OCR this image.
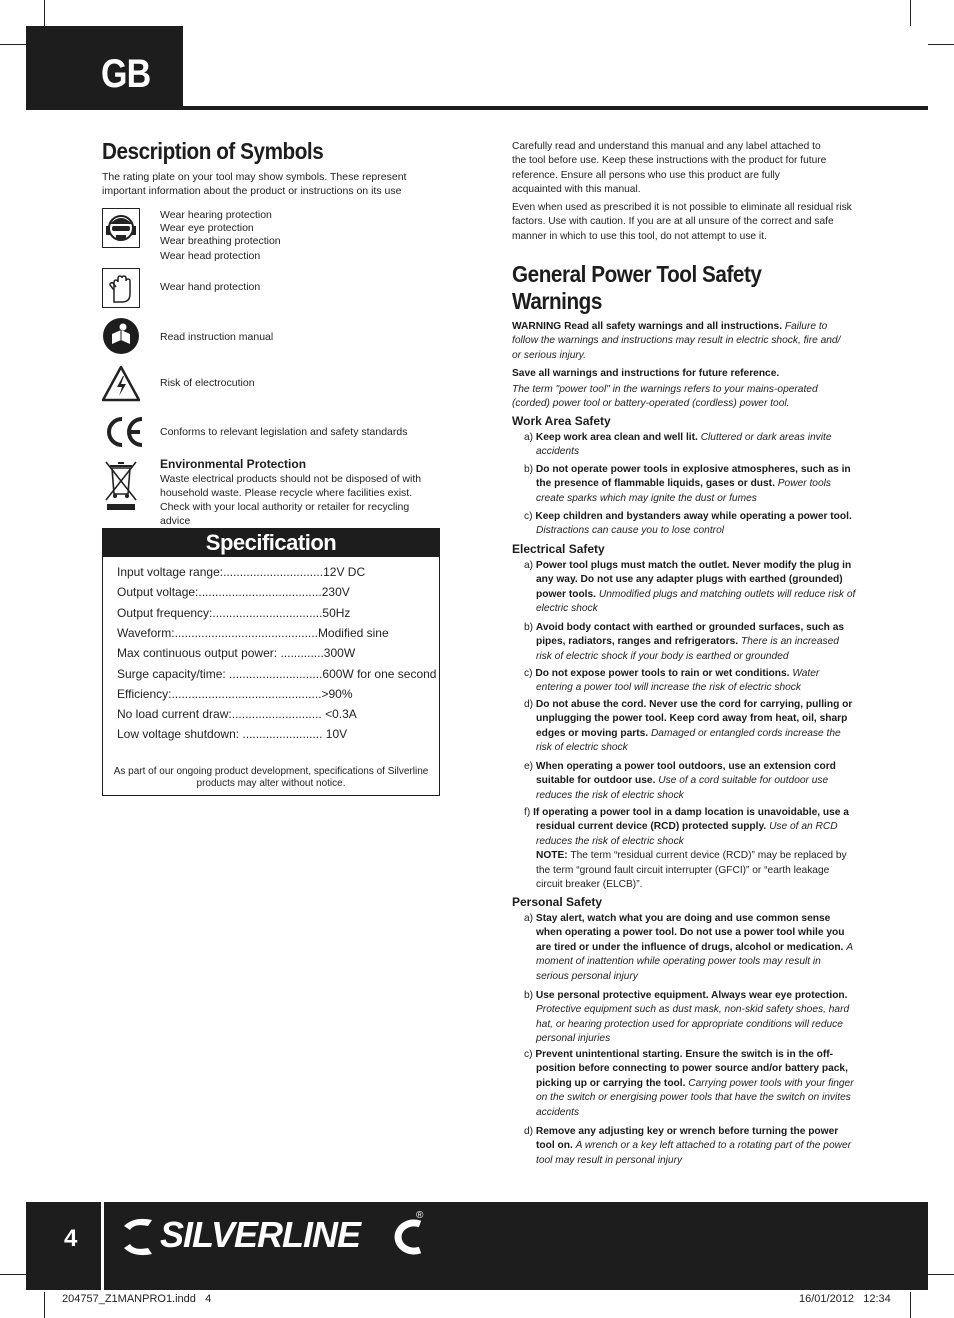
GB
Description of Symbols
The rating plate on your tool may show symbols. These represent important information about the product or instructions on its use
Wear hearing protection
Wear eye protection
Wear breathing protection
Wear head protection
Wear hand protection
Read instruction manual
Risk of electrocution
Conforms to relevant legislation and safety standards
Environmental Protection
Waste electrical products should not be disposed of with household waste. Please recycle where facilities exist. Check with your local authority or retailer for recycling advice
Specification
Input voltage range:..............................12V DC
Output voltage:.....................................230V
Output frequency:.................................50Hz
Waveform:...........................................Modified sine
Max continuous output power: .............300W
Surge capacity/time: ............................600W for one second
Efficiency:.............................................>90%
No load current draw:........................... <0.3A
Low voltage shutdown: ........................ 10V
As part of our ongoing product development, specifications of Silverline products may alter without notice.
Carefully read and understand this manual and any label attached to the tool before use. Keep these instructions with the product for future reference. Ensure all persons who use this product are fully acquainted with this manual.
Even when used as prescribed it is not possible to eliminate all residual risk factors. Use with caution. If you are at all unsure of the correct and safe manner in which to use this tool, do not attempt to use it.
General Power Tool Safety
Warnings
WARNING Read all safety warnings and all instructions. Failure to follow the warnings and instructions may result in electric shock, fire and/ or serious injury.
Save all warnings and instructions for future reference.
The term "power tool" in the warnings refers to your mains-operated (corded) power tool or battery-operated (cordless) power tool.
Work Area Safety
Electrical Safety
Personal Safety
a) Keep work area clean and well lit. Cluttered or dark areas invite accidents
b) Do not operate power tools in explosive atmospheres, such as in the presence of flammable liquids, gases or dust. Power tools create sparks which may ignite the dust or fumes
c) Keep children and bystanders away while operating a power tool. Distractions can cause you to lose control
a) Power tool plugs must match the outlet. Never modify the plug in any way. Do not use any adapter plugs with earthed (grounded) power tools. Unmodified plugs and matching outlets will reduce risk of electric shock
b) Avoid body contact with earthed or grounded surfaces, such as pipes, radiators, ranges and refrigerators. There is an increased risk of electric shock if your body is earthed or grounded
c) Do not expose power tools to rain or wet conditions. Water entering a power tool will increase the risk of electric shock
d) Do not abuse the cord. Never use the cord for carrying, pulling or unplugging the power tool. Keep cord away from heat, oil, sharp edges or moving parts. Damaged or entangled cords increase the risk of electric shock
e) When operating a power tool outdoors, use an extension cord suitable for outdoor use. Use of a cord suitable for outdoor use reduces the risk of electric shock
f) If operating a power tool in a damp location is unavoidable, use a residual current device (RCD) protected supply. Use of an RCD reduces the risk of electric shock
NOTE: The term “residual current device (RCD)” may be replaced by the term “ground fault circuit interrupter (GFCI)” or “earth leakage circuit breaker (ELCB)”.
a) Stay alert, watch what you are doing and use common sense when operating a power tool. Do not use a power tool while you are tired or under the influence of drugs, alcohol or medication. A moment of inattention while operating power tools may result in serious personal injury
b) Use personal protective equipment. Always wear eye protection. Protective equipment such as dust mask, non-skid safety shoes, hard hat, or hearing protection used for appropriate conditions will reduce personal injuries
c) Prevent unintentional starting. Ensure the switch is in the off-position before connecting to power source and/or battery pack, picking up or carrying the tool. Carrying power tools with your finger on the switch or energising power tools that have the switch on invites accidents
d) Remove any adjusting key or wrench before turning the power tool on. A wrench or a key left attached to a rotating part of the power tool may result in personal injury
4 SILVERLINE	®
204757_Z1MANPRO1.indd   4	16/01/2012   12:34
